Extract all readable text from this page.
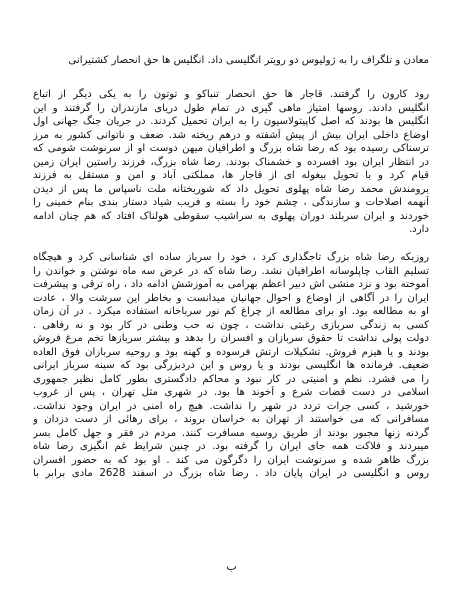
معادن و تلگراف را به ژولیوس دو رویتر انگلیسی داد. انگلیس ها حق انحصار کشتیرانی
رود کارون را گرفتند. قاجار ها حق انحصار تنباکو و توتون را به یکی دیگر از اتباع
انگلیس دادند. روسها امتیاز ماهی گیری در تمام طول دریای مازندران را گرفتند و این
انگلیس ها بودند که اصل کاپیتولاسیون را به ایران تحمیل کردند. در جریان جنگ جهانی اول
اوضاع داخلی ایران بیش از پیش آشفته و درهم ریخته شد. ضعف و ناتوانی کشور به مرز
ترسناکی رسیده بود که رضا شاه بزرگ و اطرافیان میهن دوست او از سرنوشت شومی که
در انتظار ایران بود افسرده و خشمناک بودند. رضا شاه بزرگ، فرزند راستین ایران زمین
قیام کرد و با تحویل بیغوله ای از قاجار ها، مملکتی آباد و امن و مستقل به فرزند
برومندش محمد رضا شاه پهلوی تحویل داد که شوربختانه ملت ناسپاس ما پس از دیدن
آنهمه اصلاحات و سازندگی ، چشم خود را بسته و فریب شیاد دستار بندی بنام خمینی را
خوردند و ایران سربلند دوران پهلوی به سراشیب سقوطی هولناک افتاد که هم چنان ادامه
دارد.
روزبکه رضا شاه بزرگ تاجگذاری کرد ، خود را سرباز ساده ای شناسانی کرد و هیچگاه
تسلیم القاب چاپلوسانه اطرافیان نشد. رضا شاه که در عرض سه ماه نوشتن و خواندن را
آموخته بود و نزد منشی اش دبیر اعظم بهرامی به آموزشش ادامه داد ، راه ترقی و پیشرفت
ایران را در آگاهی از اوضاع و احوال جهانیان میدانست و بخاطر این سرشت والا ، عادت
او به مطالعه بود. او برای مطالعه از چراغ کم نور سرباخانه استفاده میکرد . در آن زمان
کسی به زندگی سربازی رغبتی نداشت ، چون نه حب وطنی در کار بود و نه رفاهی .
دولت پولی نداشت تا حقوق سربازان و افسران را بدهد و بیشتر سربازها تخم مرغ فروش
بودند و یا هیزم فروش. تشکیلات ارتش فرسوده و کهنه بود و روحیه سربازان فوق العاده
ضعیف. فرمانده ها انگلیسی بودند و یا روس و این دردبزرگی بود که سینه سرباز ایرانی
را می فشرد. نظم و امنیتی در کار نبود و محاکم دادگستری بطور کامل نظیر جمهوری
اسلامی در دست قضات شرع و آخوند ها بود. در شهری مثل تهران ، پس از غروب
خورشید ، کسی جرات تردد در شهر را نداشت. هیچ راه امنی در ایران وجود نداشت.
مسافرانی که می خواستند از تهران به خراسان بروند ، برای رهائی از دست دزدان و
گردنه زنها مجبور بودند از طریق روسیه مسافرت کنند. مردم در فقر و جهل کامل بسر
میبردند و فلاکت همه جای ایران را گرفته بود. در چنین شرایط غم انگیزی رضا شاه
بزرگ ظاهر شده و سرنوشت ایران را دگرگون می کند . او بود که به حضور افسران
روس و انگلیسی در ایران پایان داد . رضا شاه بزرگ در اسفند 2628 مادی برابر با
ب
